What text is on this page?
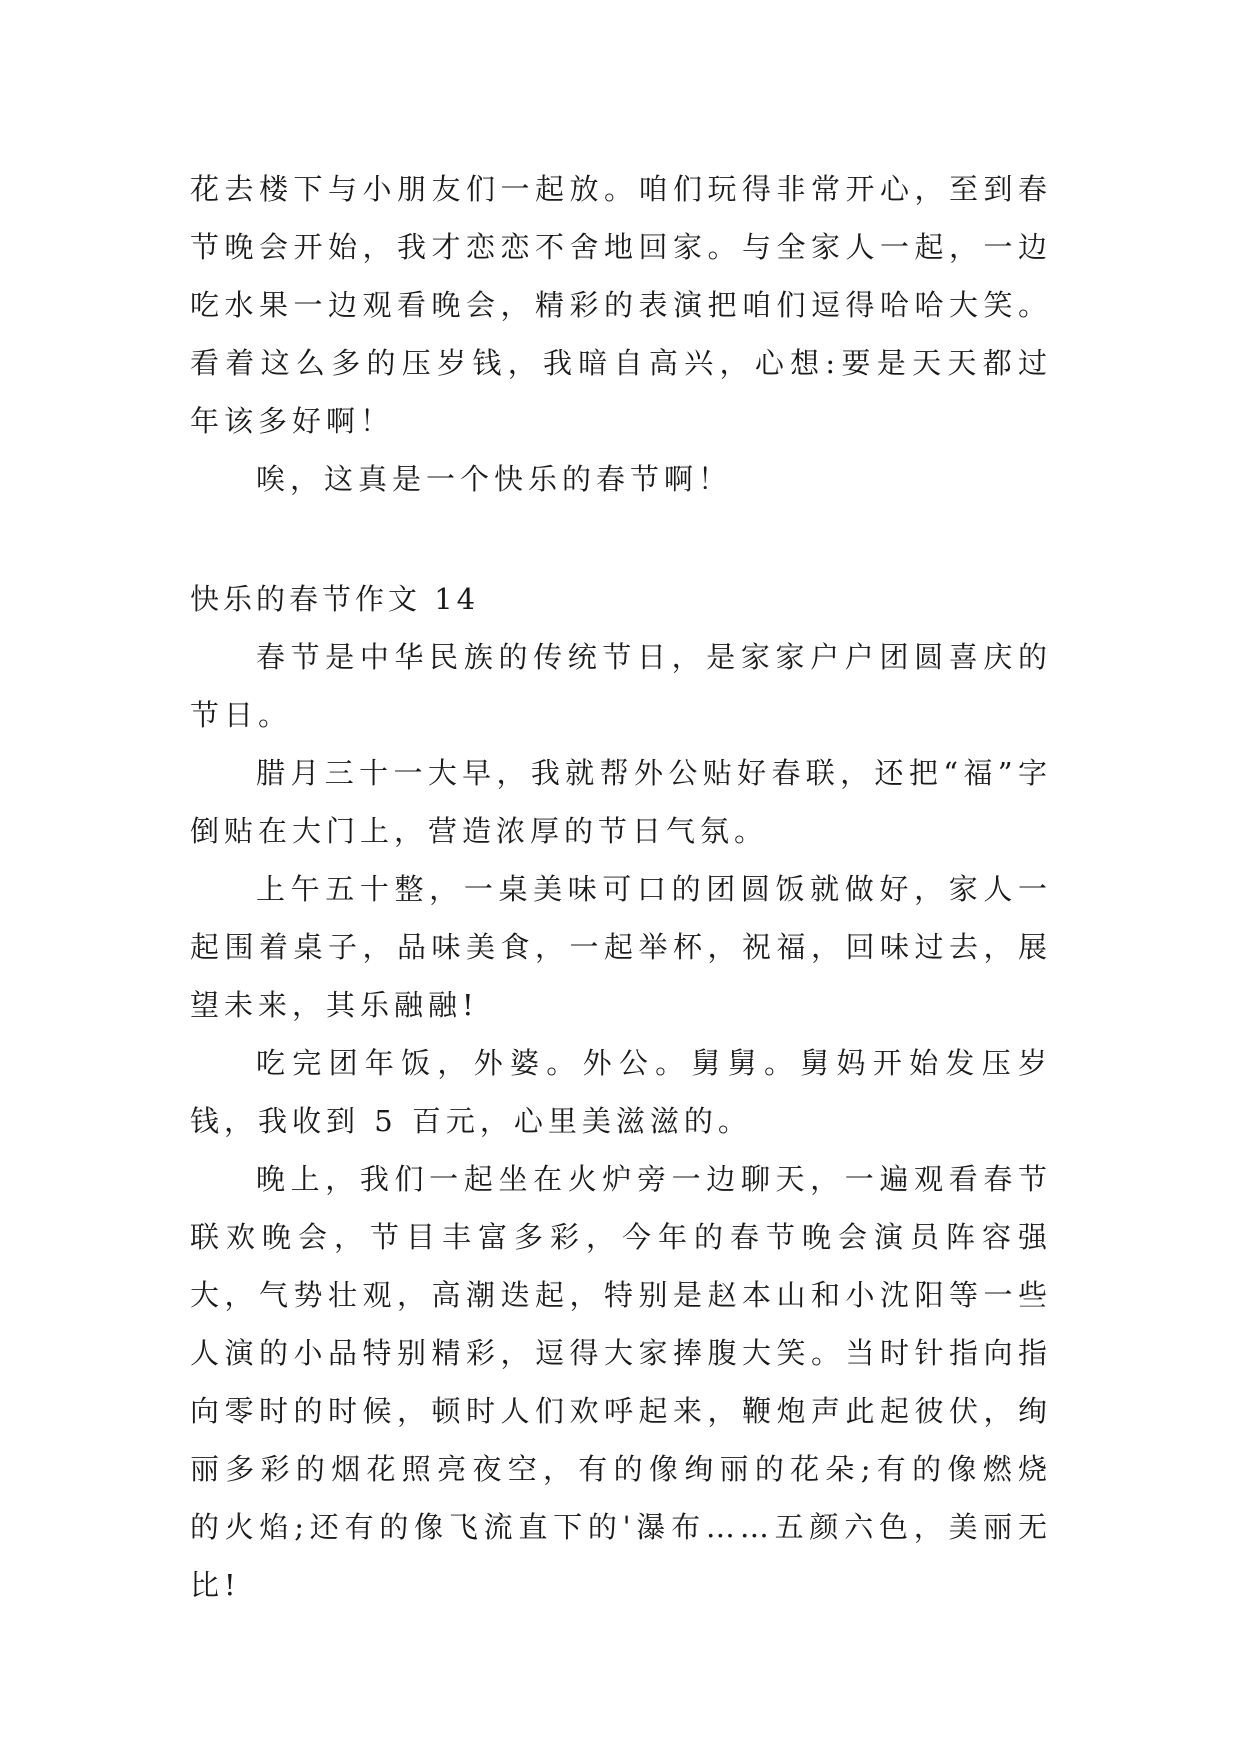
花去楼下与小朋友们一起放。咱们玩得非常开心，至到春节晚会开始，我才恋恋不舍地回家。与全家人一起，一边吃水果一边观看晚会，精彩的表演把咱们逗得哈哈大笑。看着这么多的压岁钱，我暗自高兴，心想:要是天天都过年该多好啊！

唉，这真是一个快乐的春节啊！

快乐的春节作文 14

春节是中华民族的传统节日，是家家户户团圆喜庆的节日。

腊月三十一大早，我就帮外公贴好春联，还把“福”字倒贴在大门上，营造浓厚的节日气氛。

上午五十整，一桌美味可口的团圆饭就做好，家人一起围着桌子，品味美食，一起举杯，祝福，回味过去，展望未来，其乐融融!

吃完团年饭，外婆。外公。舅舅。舅妈开始发压岁钱，我收到 5 百元，心里美滋滋的。

晚上，我们一起坐在火炉旁一边聊天，一遍观看春节联欢晚会，节目丰富多彩，今年的春节晚会演员阵容强大，气势壮观，高潮迭起，特别是赵本山和小沈阳等一些人演的小品特别精彩，逗得大家捧腹大笑。当时针指向指向零时的时候，顿时人们欢呼起来，鞭炮声此起彼伏，绚丽多彩的烟花照亮夜空，有的像绚丽的花朵;有的像燃烧的火焰;还有的像飞流直下的'瀑布……五颜六色，美丽无比!
